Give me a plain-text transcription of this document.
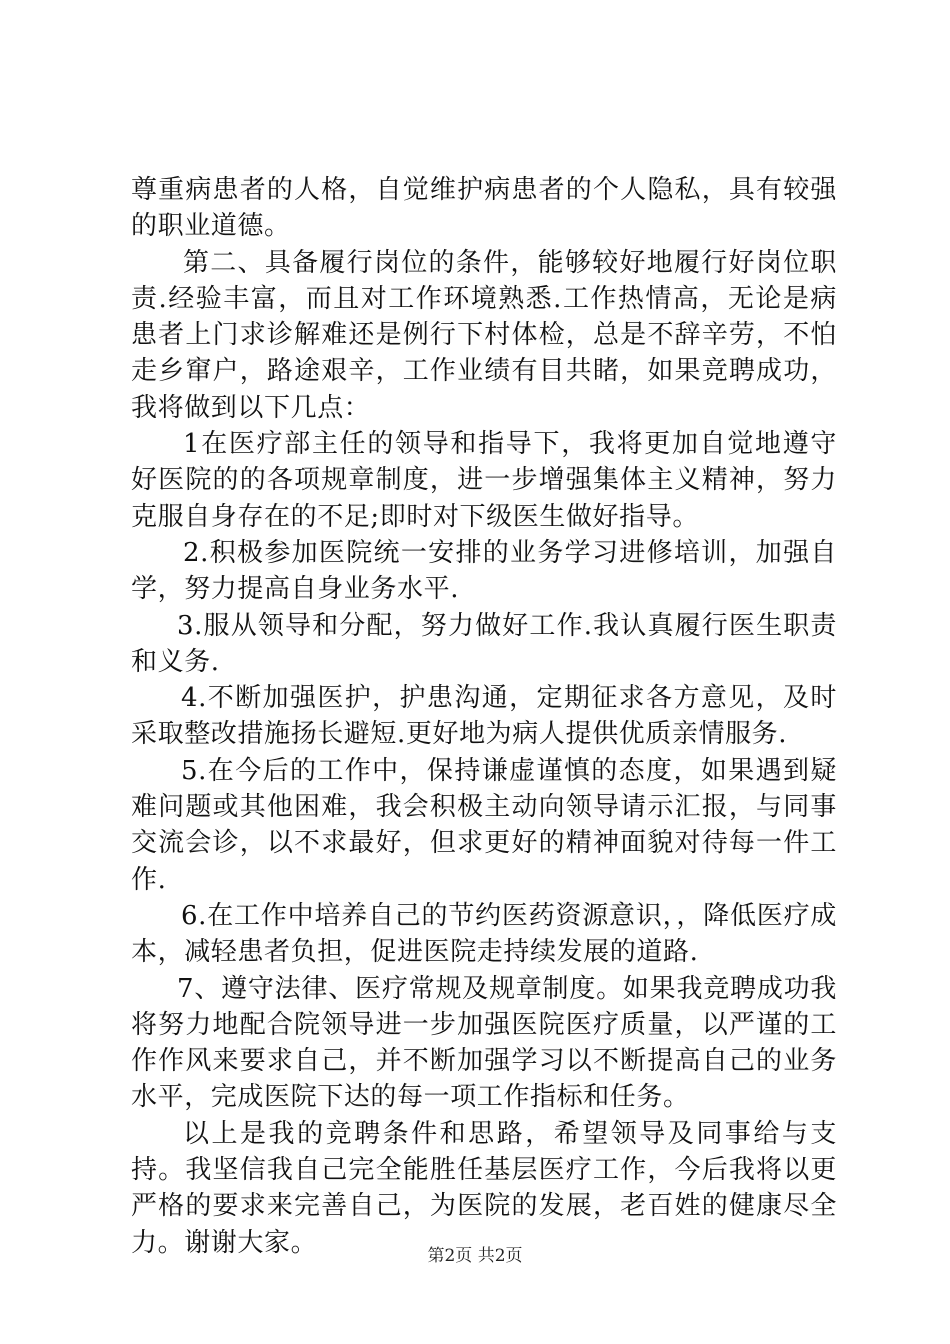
尊重病患者的人格，自觉维护病患者的个人隐私，具有较强的职业道德。

第二、具备履行岗位的条件，能够较好地履行好岗位职责.经验丰富，而且对工作环境熟悉.工作热情高，无论是病患者上门求诊解难还是例行下村体检，总是不辞辛劳，不怕走乡窜户，路途艰辛，工作业绩有目共睹，如果竞聘成功，我将做到以下几点：

1在医疗部主任的领导和指导下，我将更加自觉地遵守好医院的的各项规章制度，进一步增强集体主义精神，努力克服自身存在的不足;即时对下级医生做好指导。

2.积极参加医院统一安排的业务学习进修培训，加强自学，努力提高自身业务水平.

3.服从领导和分配，努力做好工作.我认真履行医生职责和义务.

4.不断加强医护，护患沟通，定期征求各方意见，及时采取整改措施扬长避短.更好地为病人提供优质亲情服务.

5.在今后的工作中，保持谦虚谨慎的态度，如果遇到疑难问题或其他困难，我会积极主动向领导请示汇报，与同事交流会诊，以不求最好，但求更好的精神面貌对待每一件工作.

6.在工作中培养自己的节约医药资源意识，，降低医疗成本，减轻患者负担，促进医院走持续发展的道路.

7、遵守法律、医疗常规及规章制度。如果我竞聘成功我将努力地配合院领导进一步加强医院医疗质量，以严谨的工作作风来要求自己，并不断加强学习以不断提高自己的业务水平，完成医院下达的每一项工作指标和任务。

以上是我的竞聘条件和思路，希望领导及同事给与支持。我坚信我自己完全能胜任基层医疗工作，今后我将以更严格的要求来完善自己，为医院的发展，老百姓的健康尽全力。谢谢大家。	第2页 共2页
